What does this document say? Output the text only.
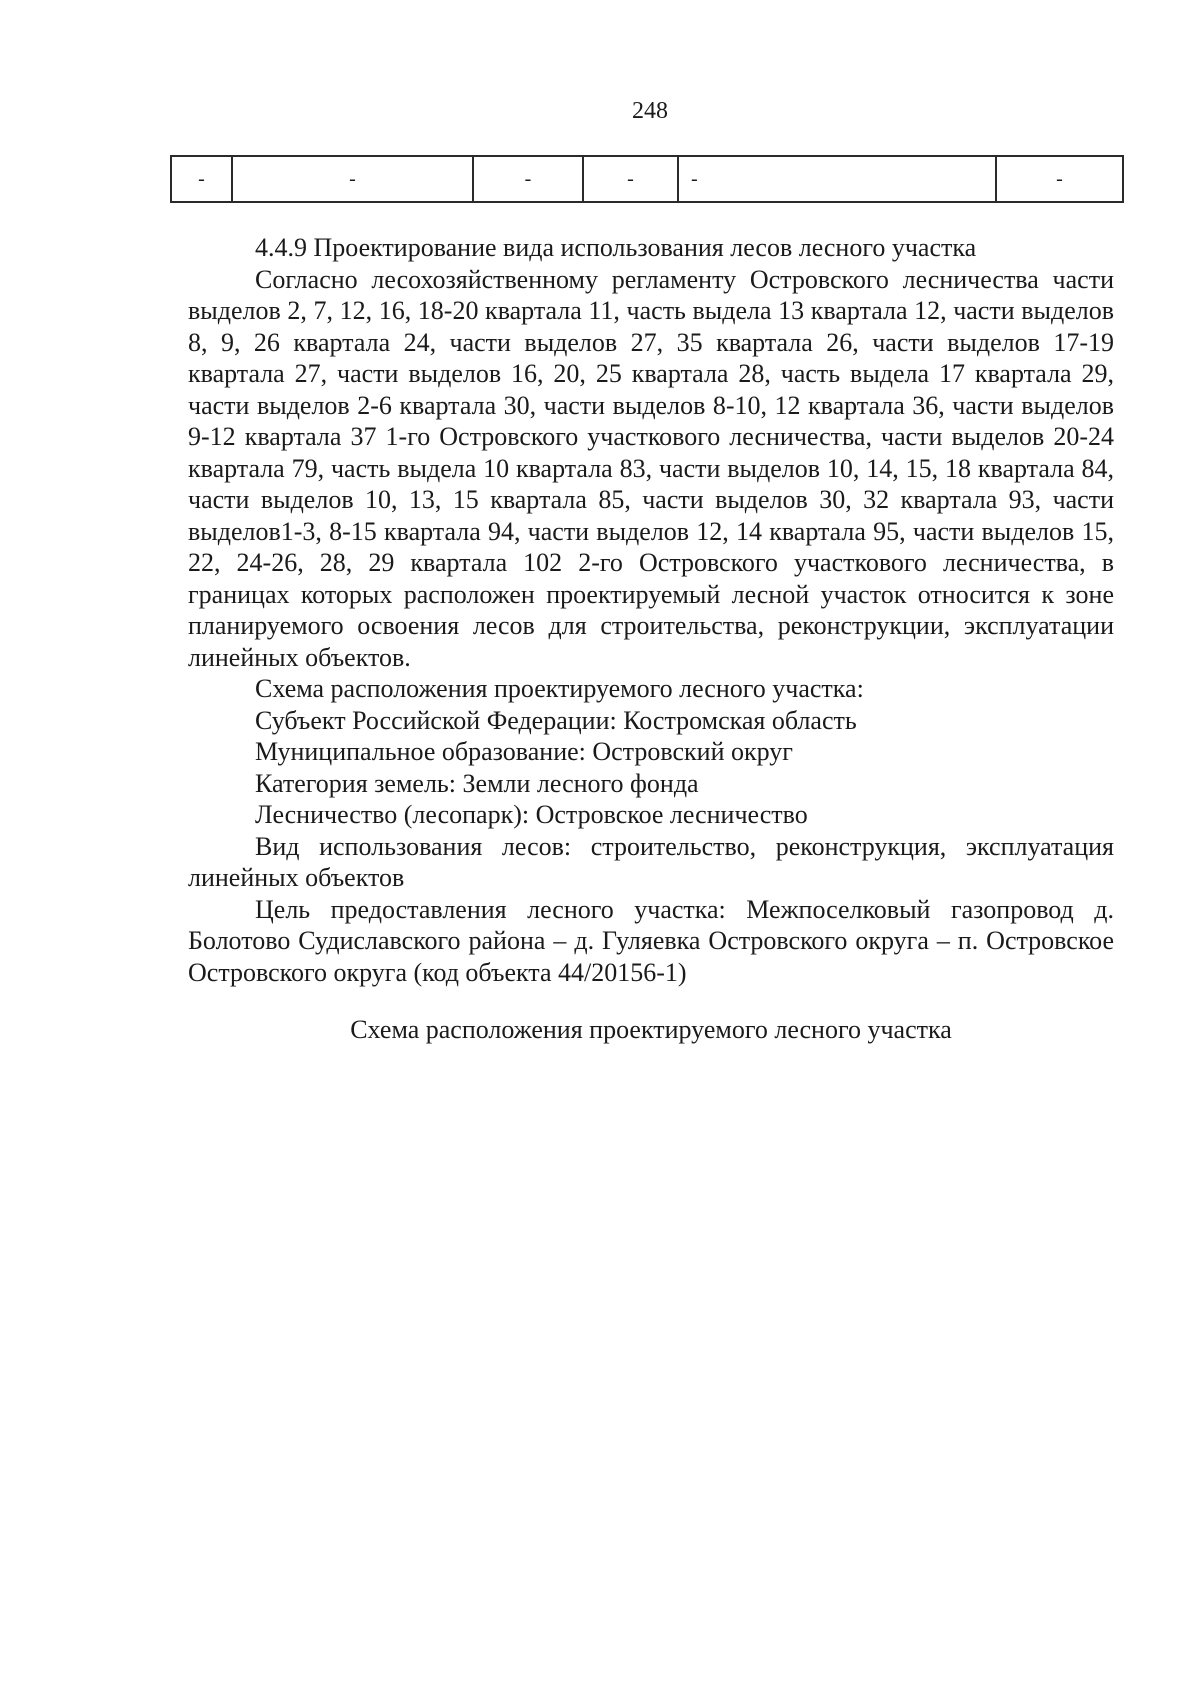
248
-	-	-	-	-	-

4.4.9 Проектирование вида использования лесов лесного участка

Согласно лесохозяйственному регламенту Островского лесничества части выделов 2, 7, 12, 16, 18-20 квартала 11, часть выдела 13 квартала 12, части выделов 8, 9, 26 квартала 24, части выделов 27, 35 квартала 26, части выделов 17-19 квартала 27, части выделов 16, 20, 25 квартала 28, часть выдела 17 квартала 29, части выделов 2-6 квартала 30, части выделов 8-10, 12 квартала 36, части выделов 9-12 квартала 37 1-го Островского участкового лесничества, части выделов 20-24 квартала 79, часть выдела 10 квартала 83, части выделов 10, 14, 15, 18 квартала 84, части выделов 10, 13, 15 квартала 85, части выделов 30, 32 квартала 93, части выделов1-3, 8-15 квартала 94, части выделов 12, 14 квартала 95, части выделов 15, 22, 24-26, 28, 29 квартала 102 2-го Островского участкового лесничества, в границах которых расположен проектируемый лесной участок относится к зоне планируемого освоения лесов для строительства, реконструкции, эксплуатации линейных объектов.

Схема расположения проектируемого лесного участка:

Субъект Российской Федерации: Костромская область

Муниципальное образование: Островский округ

Категория земель: Земли лесного фонда

Лесничество (лесопарк): Островское лесничество

Вид использования лесов: строительство, реконструкция, эксплуатация линейных объектов

Цель предоставления лесного участка: Межпоселковый газопровод д. Болотово Судиславского района – д. Гуляевка Островского округа – п. Островское Островского округа (код объекта 44/20156-1)

Схема расположения проектируемого лесного участка
